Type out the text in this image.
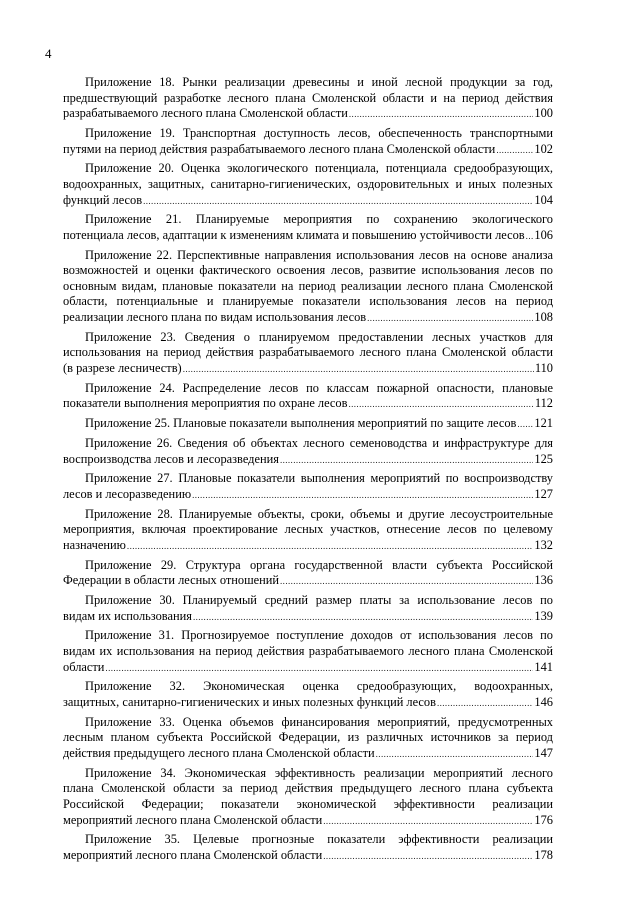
4
Приложение 18. Рынки реализации древесины и иной лесной продукции за год,
предшествующий разработке лесного плана Смоленской области и на период действия
разрабатываемого лесного плана Смоленской области .....	100
Приложение 19. Транспортная доступность лесов, обеспеченность транспортными
путями на период действия разрабатываемого лесного плана Смоленской области .....	102
Приложение 20. Оценка экологического потенциала, потенциала средообразующих,
водоохранных, защитных, санитарно-гигиенических, оздоровительных и иных полезных
функций лесов .....	104
Приложение 21. Планируемые мероприятия по сохранению экологического
потенциала лесов, адаптации к изменениям климата и повышению устойчивости лесов ..... 106
Приложение 22. Перспективные направления использования лесов на основе анализа
возможностей и оценки фактического освоения лесов, развитие использования лесов по
основным видам, плановые показатели на период реализации лесного плана Смоленской
области, потенциальные и планируемые показатели использования лесов на период
реализации лесного плана по видам использования лесов .....	108
Приложение 23. Сведения о планируемом предоставлении лесных участков для
использования на период действия разрабатываемого лесного плана Смоленской области
(в разрезе лесничеств) .....	110
Приложение 24. Распределение лесов по классам пожарной опасности, плановые
показатели выполнения мероприятия по охране лесов .....	112
Приложение 25. Плановые показатели выполнения мероприятий по защите лесов ..... 121
Приложение 26. Сведения об объектах лесного семеноводства и инфраструктуре для
воспроизводства лесов и лесоразведения .....	125
Приложение 27. Плановые показатели выполнения мероприятий по воспроизводству
лесов и лесоразведению .....	127
Приложение 28. Планируемые объекты, сроки, объемы и другие лесоустроительные
мероприятия, включая проектирование лесных участков, отнесение лесов по целевому
назначению .....	132
Приложение 29. Структура органа государственной власти субъекта Российской
Федерации в области лесных отношений .....	136
Приложение 30. Планируемый средний размер платы за использование лесов по
видам их использования .....	139
Приложение 31. Прогнозируемое поступление доходов от использования лесов по
видам их использования на период действия разрабатываемого лесного плана Смоленской
области .....	141
Приложение 32. Экономическая оценка средообразующих, водоохранных,
защитных, санитарно-гигиенических и иных полезных функций лесов .....	146
Приложение 33. Оценка объемов финансирования мероприятий, предусмотренных
лесным планом субъекта Российской Федерации, из различных источников за период
действия предыдущего лесного плана Смоленской области .....	147
Приложение 34. Экономическая эффективность реализации мероприятий лесного
плана Смоленской области за период действия предыдущего лесного плана субъекта
Российской Федерации; показатели экономической эффективности реализации
мероприятий лесного плана Смоленской области .....	176
Приложение 35. Целевые прогнозные показатели эффективности реализации
мероприятий лесного плана Смоленской области .....	178
